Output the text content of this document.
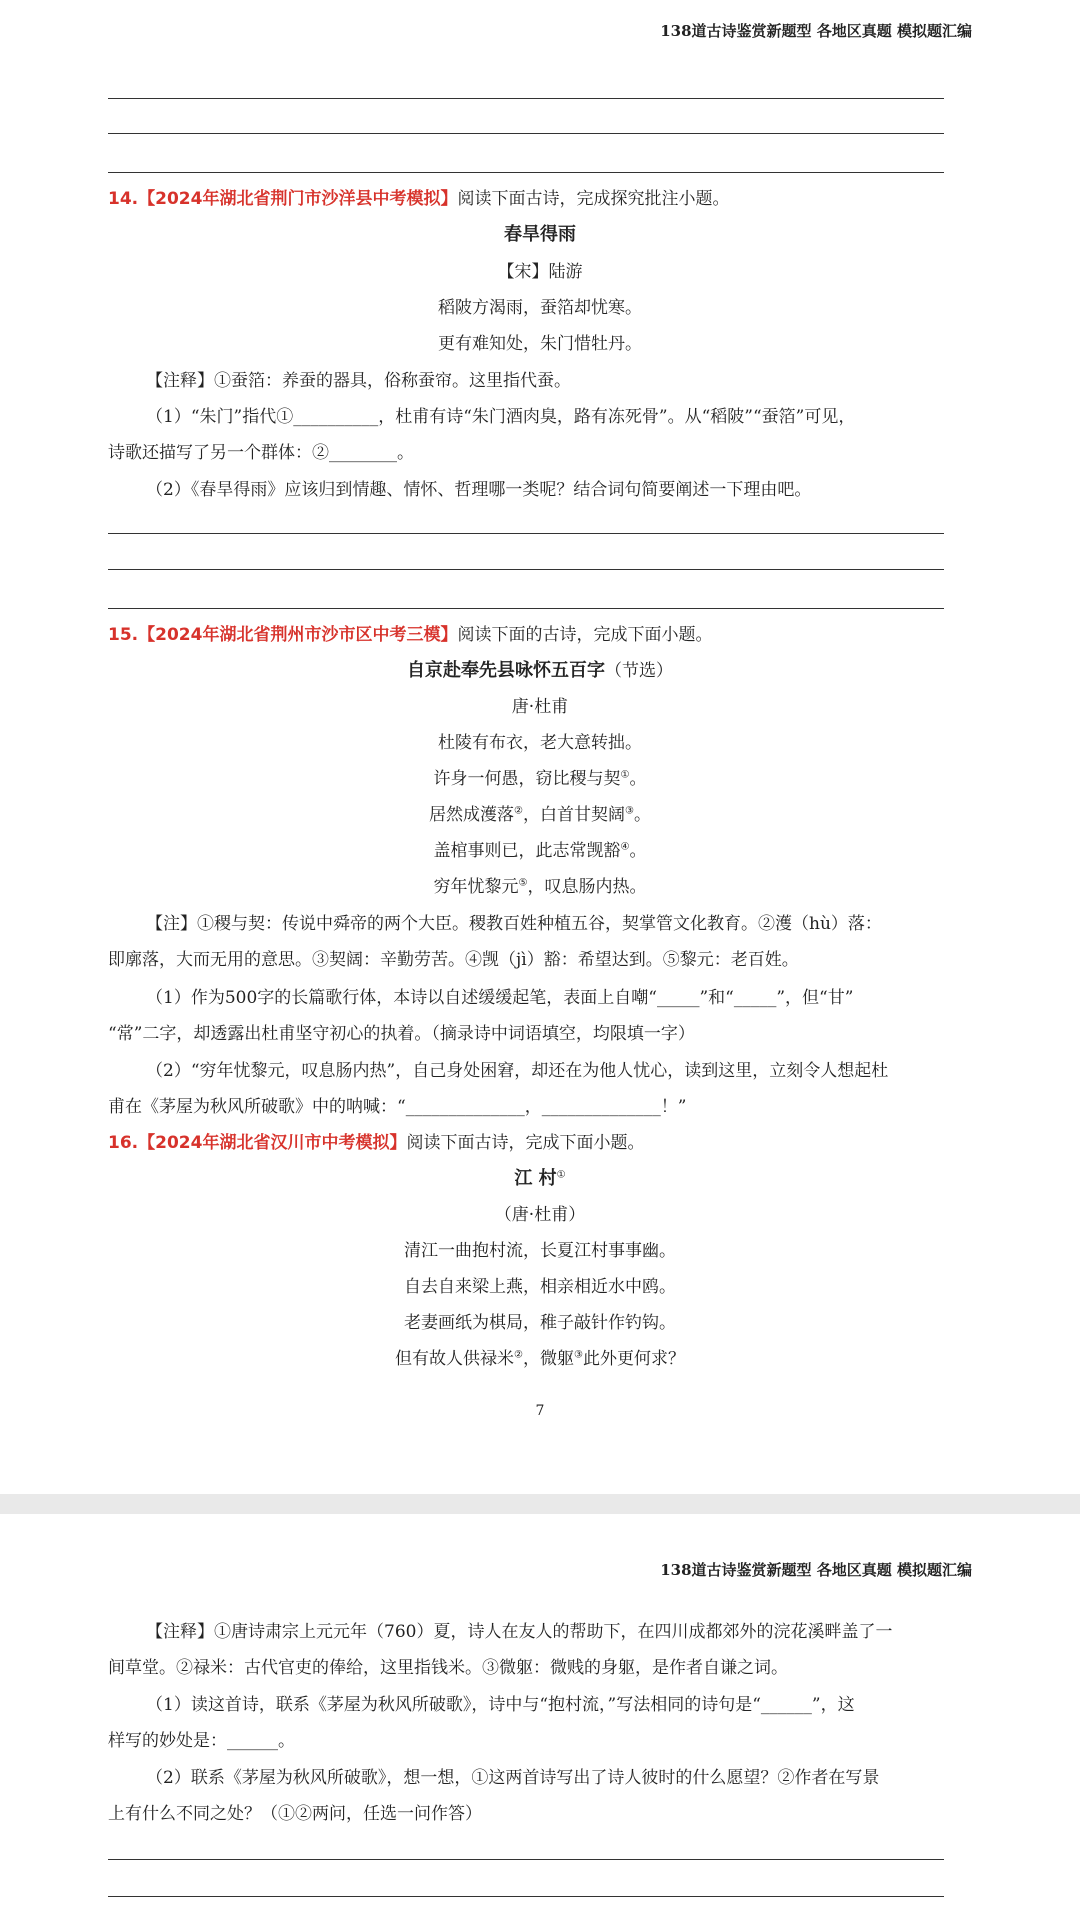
138道古诗鉴赏新题型 各地区真题 模拟题汇编
14.【2024年湖北省荆门市沙洋县中考模拟】阅读下面古诗，完成探究批注小题。
春旱得雨
【宋】陆游
稻陂方渴雨，蚕箔却忧寒。
更有难知处，朱门惜牡丹。
【注释】①蚕箔：养蚕的器具，俗称蚕帘。这里指代蚕。
（1）“朱门”指代①__________，杜甫有诗“朱门酒肉臭，路有冻死骨”。从“稻陂”“蚕箔”可见，
诗歌还描写了另一个群体：②________。
（2）《春旱得雨》应该归到情趣、情怀、哲理哪一类呢？结合词句简要阐述一下理由吧。
15.【2024年湖北省荆州市沙市区中考三模】阅读下面的古诗，完成下面小题。
自京赴奉先县咏怀五百字（节选）
唐·杜甫
杜陵有布衣，老大意转拙。
许身一何愚，窃比稷与契①。
居然成濩落②，白首甘契阔③。
盖棺事则已，此志常觊豁④。
穷年忧黎元⑤，叹息肠内热。
【注】①稷与契：传说中舜帝的两个大臣。稷教百姓种植五谷，契掌管文化教育。②濩（hù）落：
即廓落，大而无用的意思。③契阔：辛勤劳苦。④觊（jì）豁：希望达到。⑤黎元：老百姓。
（1）作为500字的长篇歌行体，本诗以自述缓缓起笔，表面上自嘲“_____”和“_____”，但“甘”
“常”二字，却透露出杜甫坚守初心的执着。（摘录诗中词语填空，均限填一字）
（2）“穷年忧黎元，叹息肠内热”，自己身处困窘，却还在为他人忧心，读到这里，立刻令人想起杜
甫在《茅屋为秋风所破歌》中的呐喊：“______________，______________！”
16.【2024年湖北省汉川市中考模拟】阅读下面古诗，完成下面小题。
江 村①
（唐·杜甫）
清江一曲抱村流，长夏江村事事幽。
自去自来梁上燕，相亲相近水中鸥。
老妻画纸为棋局，稚子敲针作钓钩。
但有故人供禄米②，微躯③此外更何求？
7
138道古诗鉴赏新题型 各地区真题 模拟题汇编
【注释】①唐诗肃宗上元元年（760）夏，诗人在友人的帮助下，在四川成都郊外的浣花溪畔盖了一
间草堂。②禄米：古代官吏的俸给，这里指钱米。③微躯：微贱的身躯，是作者自谦之词。
（1）读这首诗，联系《茅屋为秋风所破歌》，诗中与“抱村流，”写法相同的诗句是“______”，这
样写的妙处是：______。
（2）联系《茅屋为秋风所破歌》，想一想，①这两首诗写出了诗人彼时的什么愿望？②作者在写景
上有什么不同之处？（①②两问，任选一问作答）
